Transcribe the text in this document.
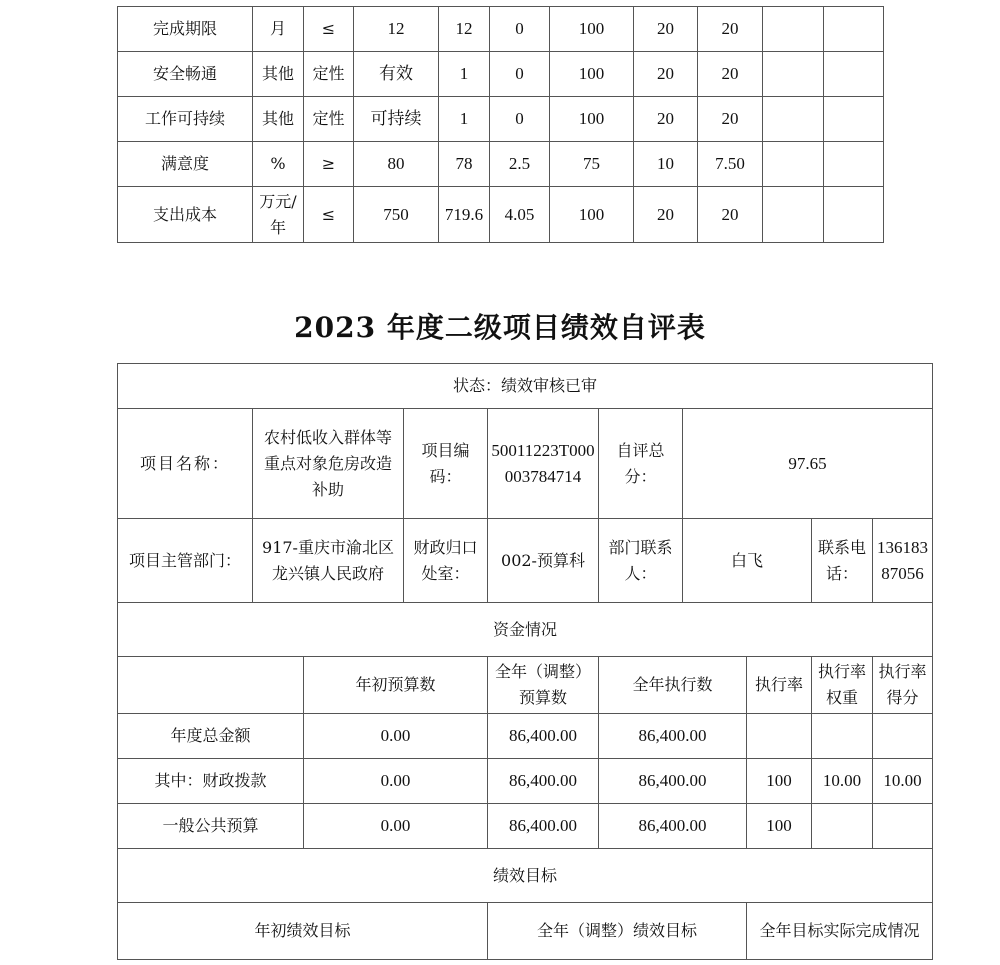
完成期限	月	≤	12	12	0	100	20	20		
安全畅通	其他	定性	有效	1	0	100	20	20		
工作可持续	其他	定性	可持续	1	0	100	20	20		
满意度	%	≥	80	78	2.5	75	10	7.50		
支出成本	万元/年	≤	750	719.6	4.05	100	20	20		
2023 年度二级项目绩效自评表
状态：绩效审核已审									
项目名称：	农村低收入群体等重点对象危房改造补助		项目编码：	50011223T000003784714	自评总分：	97.65			
项目主管部门：	917-重庆市渝北区龙兴镇人民政府		财政归口处室：	002-预算科	部门联系人：	白飞		联系电话：	13618387056
资金情况									
		年初预算数		全年（调整）预算数	全年执行数		执行率	执行率权重	执行率得分
年度总金额		0.00		86,400.00	86,400.00				
其中：财政拨款		0.00		86,400.00	86,400.00		100	10.00	10.00
一般公共预算		0.00		86,400.00	86,400.00		100		
绩效目标									
年初绩效目标				全年（调整）绩效目标			全年目标实际完成情况		
